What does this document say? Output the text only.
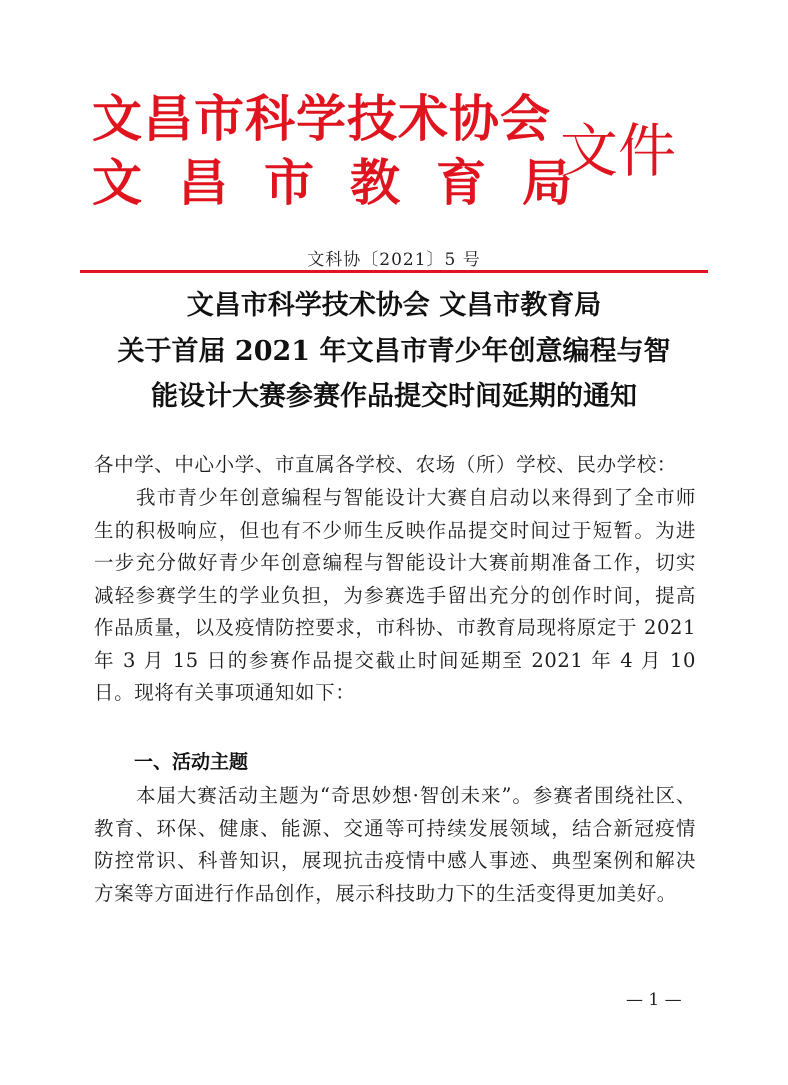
文昌市科学技术协会
文昌市教育局
文件
文科协〔2021〕5 号
文昌市科学技术协会 文昌市教育局
关于首届 2021 年文昌市青少年创意编程与智
能设计大赛参赛作品提交时间延期的通知
各中学、中心小学、市直属各学校、农场（所）学校、民办学校：
我市青少年创意编程与智能设计大赛自启动以来得到了全市师生的积极响应，但也有不少师生反映作品提交时间过于短暂。为进一步充分做好青少年创意编程与智能设计大赛前期准备工作，切实减轻参赛学生的学业负担，为参赛选手留出充分的创作时间，提高作品质量，以及疫情防控要求，市科协、市教育局现将原定于 2021 年 3 月 15 日的参赛作品提交截止时间延期至 2021 年 4 月 10 日。现将有关事项通知如下：
一、活动主题
本届大赛活动主题为“奇思妙想·智创未来”。参赛者围绕社区、教育、环保、健康、能源、交通等可持续发展领域，结合新冠疫情防控常识、科普知识，展现抗击疫情中感人事迹、典型案例和解决方案等方面进行作品创作，展示科技助力下的生活变得更加美好。
— 1 —
